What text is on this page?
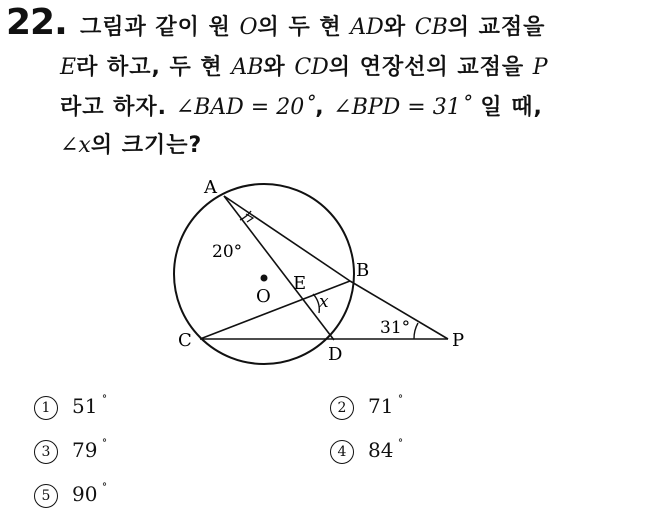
22. 그림과 같이 원 O의 두 현 AD와 CB의 교점을
E라 하고, 두 현 AB와 CD의 연장선의 교점을 P
라고 하자. ∠BAD = 20˚, ∠BPD = 31˚ 일 때,
∠x의 크기는?
A
B
C
D
E
O
P
20°
31°
x
1 51 ˚	2 71 ˚
3 79 ˚	4 84 ˚
5 90 ˚
